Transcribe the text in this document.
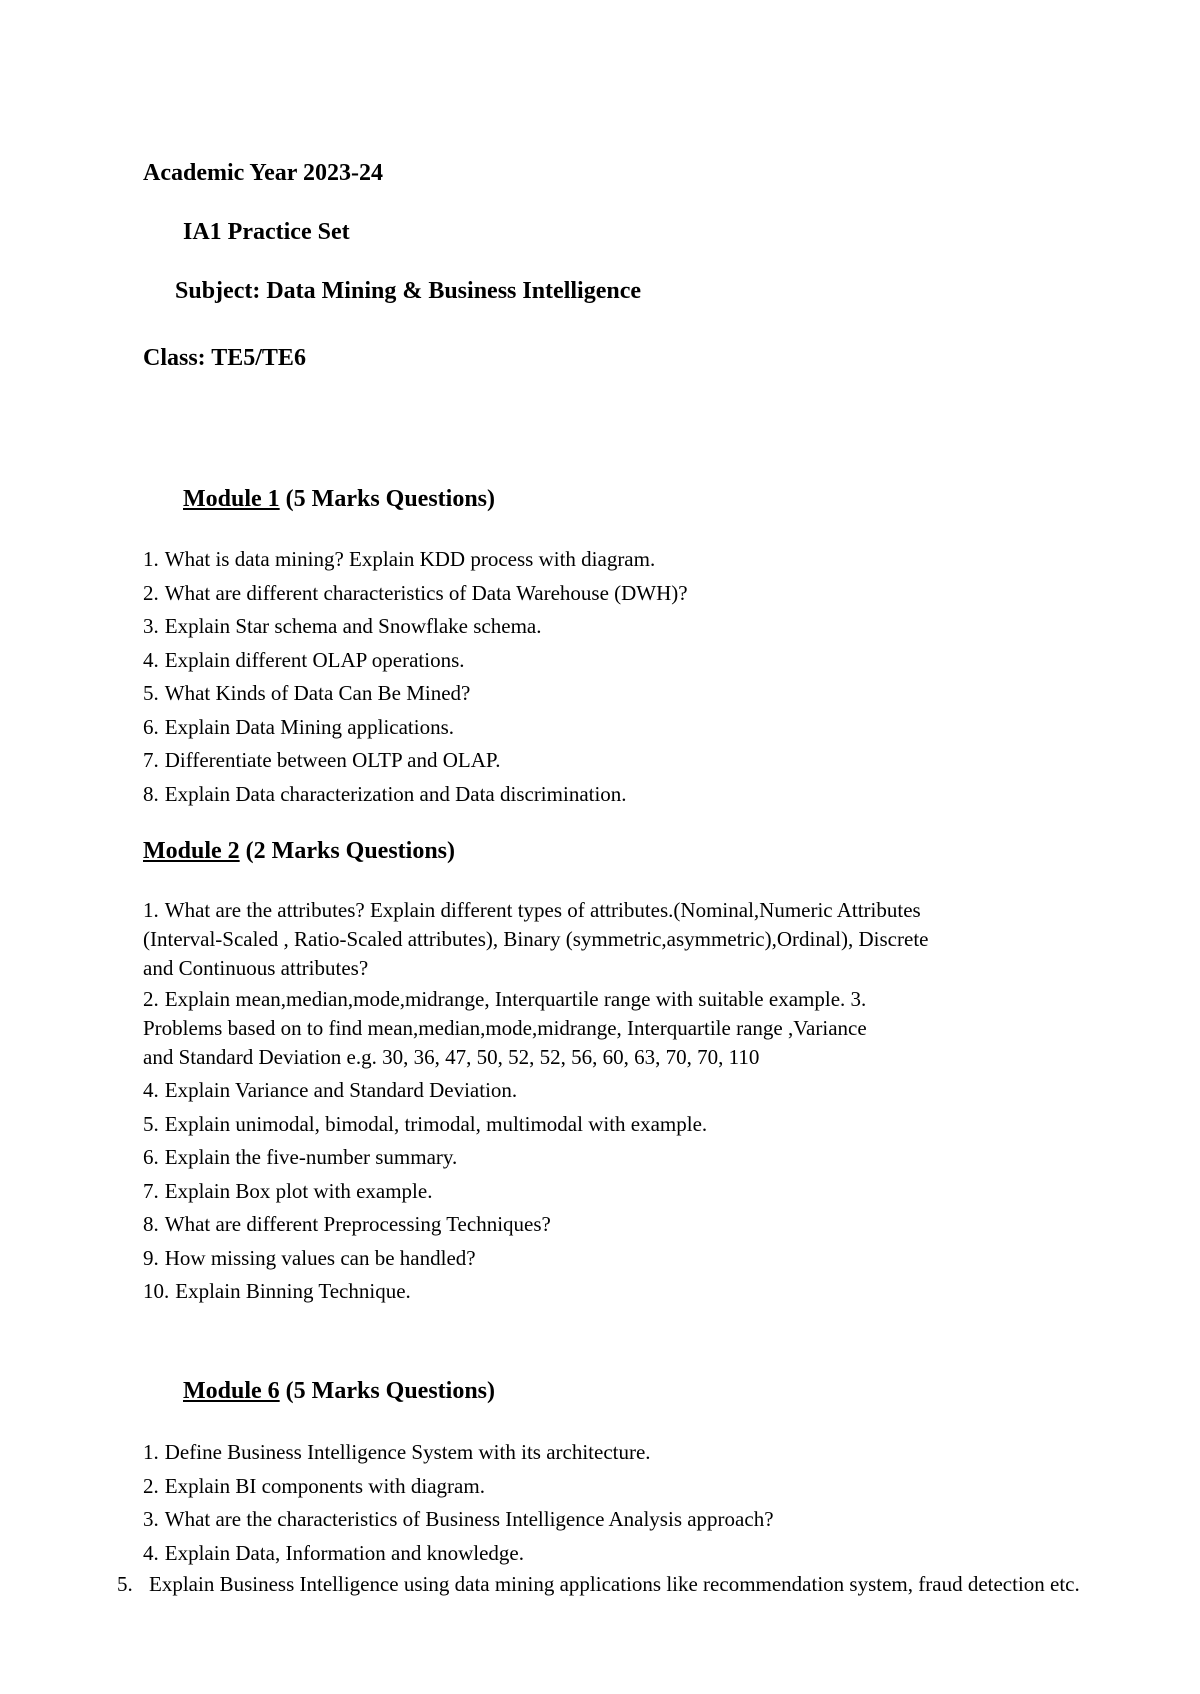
Academic Year 2023-24
IA1 Practice Set
Subject: Data Mining & Business Intelligence
Class: TE5/TE6
Module 1 (5 Marks Questions)
1. What is data mining? Explain KDD process with diagram.
2. What are different characteristics of Data Warehouse (DWH)?
3. Explain Star schema and Snowflake schema.
4. Explain different OLAP operations.
5. What Kinds of Data Can Be Mined?
6. Explain Data Mining applications.
7. Differentiate between OLTP and OLAP.
8. Explain Data characterization and Data discrimination.
Module 2 (2 Marks Questions)
1. What are the attributes? Explain different types of attributes.(Nominal,Numeric Attributes
(Interval-Scaled , Ratio-Scaled attributes), Binary (symmetric,asymmetric),Ordinal), Discrete
and Continuous attributes?
2. Explain mean,median,mode,midrange, Interquartile range with suitable example. 3.
Problems based on to find mean,median,mode,midrange, Interquartile range ,Variance
and Standard Deviation e.g. 30, 36, 47, 50, 52, 52, 56, 60, 63, 70, 70, 110
4. Explain Variance and Standard Deviation.
5. Explain unimodal, bimodal, trimodal, multimodal with example.
6. Explain the five-number summary.
7. Explain Box plot with example.
8. What are different Preprocessing Techniques?
9. How missing values can be handled?
10. Explain Binning Technique.
Module 6 (5 Marks Questions)
1. Define Business Intelligence System with its architecture.
2. Explain BI components with diagram.
3. What are the characteristics of Business Intelligence Analysis approach?
4. Explain Data, Information and knowledge.
5. Explain Business Intelligence using data mining applications like recommendation system, fraud detection etc.
